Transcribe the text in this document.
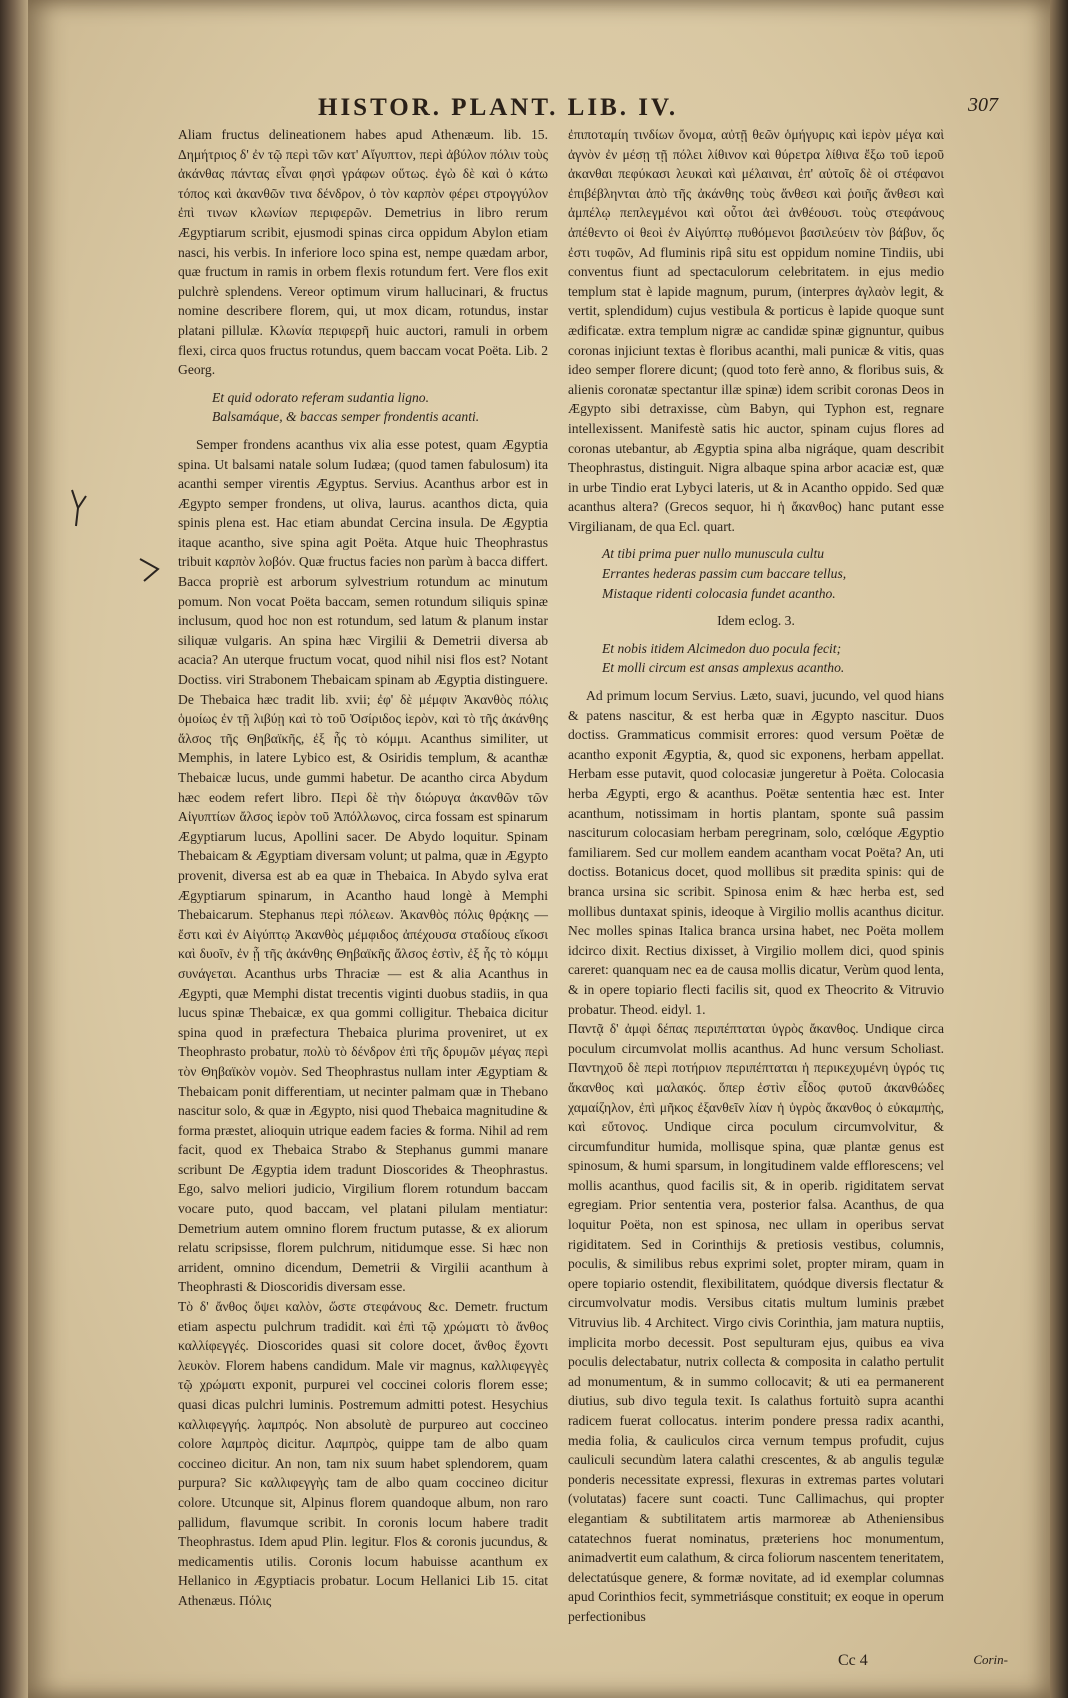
HISTOR. PLANT. LIB. IV.	307

Aliam fructus delineationem habes apud Athenæum. lib. 15. Δημήτριος δ' ἐν τῷ περὶ τῶν κατ' Αἴγυπτον, περὶ ἀβύλον πόλιν τοὺς ἀκάνθας πάντας εἶναι φησὶ γράφων οὕτως. ἐγὼ δὲ καὶ ὁ κάτω τόπος καὶ ἀκανθῶν τινα δένδρον, ὁ τὸν καρπὸν φέρει στρογγύλον ἐπὶ τινων κλωνίων περιφερῶν. Demetrius in libro rerum Ægyptiarum scribit, ejusmodi spinas circa oppidum Abylon etiam nasci, his verbis. In inferiore loco spina est, nempe quædam arbor, quæ fructum in ramis in orbem flexis rotundum fert. Vere flos exit pulchrè splendens. Vereor optimum virum hallucinari, & fructus nomine describere florem, qui, ut mox dicam, rotundus, instar platani pillulæ. Κλωνία περιφερῆ huic auctori, ramuli in orbem flexi, circa quos fructus rotundus, quem baccam vocat Poëta. Lib. 2 Georg.

Et quid odorato referam sudantia ligno.
Balsamáque, & baccas semper frondentis acanti.

Semper frondens acanthus vix alia esse potest, quam Ægyptia spina. Ut balsami natale solum Iudæa; (quod tamen fabulosum) ita acanthi semper virentis Ægyptus. Servius. Acanthus arbor est in Ægypto semper frondens, ut oliva, laurus. acanthos dicta, quia spinis plena est. Hac etiam abundat Cercina insula. De Ægyptia itaque acantho, sive spina agit Poëta. Atque huic Theophrastus tribuit καρπὸν λοβόν. Quæ fructus facies non parùm à bacca differt. Bacca propriè est arborum sylvestrium rotundum ac minutum pomum. Non vocat Poëta baccam, semen rotundum siliquis spinæ inclusum, quod hoc non est rotundum, sed latum & planum instar siliquæ vulgaris. An spina hæc Virgilii & Demetrii diversa ab acacia? An uterque fructum vocat, quod nihil nisi flos est? Notant Doctiss. viri Strabonem Thebaicam spinam ab Ægyptia distinguere. De Thebaica hæc tradit lib. xvii; ἐφ' δὲ μέμφιν Ἀκανθὸς πόλις ὁμοίως ἐν τῇ λιβύῃ καὶ τὸ τοῦ Ὀσίριδος ἱερὸν, καὶ τὸ τῆς ἀκάνθης ἄλσος τῆς Θηβαϊκῆς, ἐξ ἧς τὸ κόμμι. Acanthus similiter, ut Memphis, in latere Lybico est, & Osiridis templum, & acanthæ Thebaicæ lucus, unde gummi habetur. De acantho circa Abydum hæc eodem refert libro. Περὶ δὲ τὴν διώρυγα ἀκανθῶν τῶν Αἰγυπτίων ἄλσος ἱερὸν τοῦ Ἀπόλλωνος, circa fossam est spinarum Ægyptiarum lucus, Apollini sacer. De Abydo loquitur. Spinam Thebaicam & Ægyptiam diversam volunt; ut palma, quæ in Ægypto provenit, diversa est ab ea quæ in Thebaica. In Abydo sylva erat Ægyptiarum spinarum, in Acantho haud longè à Memphi Thebaicarum. Stephanus περὶ πόλεων. Ἀκανθὸς πόλις θρᾴκης — ἔστι καὶ ἐν Αἰγύπτῳ Ἀκανθὸς μέμφιδος ἀπέχουσα σταδίους εἴκοσι καὶ δυοῖν, ἐν ᾗ τῆς ἀκάνθης Θηβαϊκῆς ἄλσος ἐστὶν, ἐξ ἧς τὸ κόμμι συνάγεται. Acanthus urbs Thraciæ — est & alia Acanthus in Ægypti, quæ Memphi distat trecentis viginti duobus stadiis, in qua lucus spinæ Thebaicæ, ex qua gommi colligitur. Thebaica dicitur spina quod in præfectura Thebaica plurima proveniret, ut ex Theophrasto probatur, πολὺ τὸ δένδρον ἐπὶ τῆς δρυμῶν μέγας περὶ τὸν Θηβαϊκὸν νομὸν. Sed Theophrastus nullam inter Ægyptiam & Thebaicam ponit differentiam, ut necinter palmam quæ in Thebano nascitur solo, & quæ in Ægypto, nisi quod Thebaica magnitudine & forma præstet, alioquin utrique eadem facies & forma. Nihil ad rem facit, quod ex Thebaica Strabo & Stephanus gummi manare scribunt De Ægyptia idem tradunt Dioscorides & Theophrastus. Ego, salvo meliori judicio, Virgilium florem rotundum baccam vocare puto, quod baccam, vel platani pilulam mentiatur: Demetrium autem omnino florem fructum putasse, & ex aliorum relatu scripsisse, florem pulchrum, nitidumque esse. Si hæc non arrident, omnino dicendum, Demetrii & Virgilii acanthum à Theophrasti & Dioscoridis diversam esse.

Τὸ δ' ἄνθος ὄψει καλὸν, ὥστε στεφάνους &c. Demetr. fructum etiam aspectu pulchrum tradidit. καὶ ἐπὶ τῷ χρώματι τὸ ἄνθος καλλίφεγγές. Dioscorides quasi sit colore docet, ἄνθος ἔχοντι λευκὸν. Florem habens candidum. Male vir magnus, καλλιφεγγὲς τῷ χρώματι exponit, purpurei vel coccinei coloris florem esse; quasi dicas pulchri luminis. Postremum admitti potest. Hesychius καλλιφεγγής. λαμπρός. Non absolutè de purpureo aut coccineo colore λαμπρὸς dicitur. Λαμπρὸς, quippe tam de albo quam coccineo dicitur. An non, tam nix suum habet splendorem, quam purpura? Sic καλλιφεγγὴς tam de albo quam coccineo dicitur colore. Utcunque sit, Alpinus florem quandoque album, non raro pallidum, flavumque scribit. In coronis locum habere tradit Theophrastus. Idem apud Plin. legitur. Flos & coronis jucundus, & medicamentis utilis. Coronis locum habuisse acanthum ex Hellanico in Ægyptiacis probatur. Locum Hellanici Lib 15. citat Athenæus. Πόλις

ἐπιποταμίη τινδίων ὄνομα, αὐτῇ θεῶν ὁμήγυρις καὶ ἱερὸν μέγα καὶ ἀγνὸν ἐν μέσῃ τῇ πόλει λίθινον καὶ θύρετρα λίθινα ἔξω τοῦ ἱεροῦ ἀκανθαι πεφύκασι λευκαὶ καὶ μέλαιναι, ἐπ' αὐτοῖς δὲ οἱ στέφανοι ἐπιβέβληνται ἀπὸ τῆς ἀκάνθης τοὺς ἄνθεσι καὶ ῥοιῆς ἄνθεσι καὶ ἀμπέλῳ πεπλεγμένοι καὶ οὗτοι ἀεὶ ἀνθέουσι. τοὺς στεφάνους ἀπέθεντο οἱ θεοὶ ἐν Αἰγύπτῳ πυθόμενοι βασιλεύειν τὸν βάβυν, ὅς ἐστι τυφῶν, Ad fluminis ripâ situ est oppidum nomine Tindiis, ubi conventus fiunt ad spectaculorum celebritatem. in ejus medio templum stat è lapide magnum, purum, (interpres ἀγλαὸν legit, & vertit, splendidum) cujus vestibula & porticus è lapide quoque sunt ædificatæ. extra templum nigræ ac candidæ spinæ gignuntur, quibus coronas injiciunt textas è floribus acanthi, mali punicæ & vitis, quas ideo semper florere dicunt; (quod toto ferè anno, & floribus suis, & alienis coronatæ spectantur illæ spinæ) idem scribit coronas Deos in Ægypto sibi detraxisse, cùm Babyn, qui Typhon est, regnare intellexissent. Manifestè satis hic auctor, spinam cujus flores ad coronas utebantur, ab Ægyptia spina alba nigráque, quam describit Theophrastus, distinguit. Nigra albaque spina arbor acaciæ est, quæ in urbe Tindio erat Lybyci lateris, ut & in Acantho oppido. Sed quæ acanthus altera? (Grecos sequor, hi ἡ ἄκανθος) hanc putant esse Virgilianam, de qua Ecl. quart.

At tibi prima puer nullo munuscula cultu
Errantes hederas passim cum baccare tellus,
Mistaque ridenti colocasia fundet acantho.

Idem eclog. 3.

Et nobis itidem Alcimedon duo pocula fecit;
Et molli circum est ansas amplexus acantho.

Ad primum locum Servius. Læto, suavi, jucundo, vel quod hians & patens nascitur, & est herba quæ in Ægypto nascitur. Duos doctiss. Grammaticus commisit errores: quod versum Poëtæ de acantho exponit Ægyptia, &, quod sic exponens, herbam appellat. Herbam esse putavit, quod colocasiæ jungeretur à Poëta. Colocasia herba Ægypti, ergo & acanthus. Poëtæ sententia hæc est. Inter acanthum, notissimam in hortis plantam, sponte suâ passim nasciturum colocasiam herbam peregrinam, solo, cœlóque Ægyptio familiarem. Sed cur mollem eandem acantham vocat Poëta? An, uti doctiss. Botanicus docet, quod mollibus sit prædita spinis: qui de branca ursina sic scribit. Spinosa enim & hæc herba est, sed mollibus duntaxat spinis, ideoque à Virgilio mollis acanthus dicitur. Nec molles spinas Italica branca ursina habet, nec Poëta mollem idcirco dixit. Rectius dixisset, à Virgilio mollem dici, quod spinis careret: quanquam nec ea de causa mollis dicatur, Verùm quod lenta, & in opere topiario flecti facilis sit, quod ex Theocrito & Vitruvio probatur. Theod. eidyl. 1.

Παντᾷ δ' ἀμφὶ δέπας περιπέπταται ὑγρὸς ἄκανθος. Undique circa poculum circumvolat mollis acanthus. Ad hunc versum Scholiast. Παντηχοῦ δὲ περὶ ποτήριον περιπέπταται ἡ περικεχυμένη ὑγρός τις ἄκανθος καὶ μαλακός. ὅπερ ἐστὶν εἶδος φυτοῦ ἀκανθώδες χαμαίζηλον, ἐπὶ μῆκος ἐξανθεῖν λίαν ἡ ὑγρὸς ἄκανθος ὁ εὐκαμπὴς, καὶ εὔτονος. Undique circa poculum circumvolvitur, & circumfunditur humida, mollisque spina, quæ plantæ genus est spinosum, & humi sparsum, in longitudinem valde efflorescens; vel mollis acanthus, quod facilis sit, & in operib. rigiditatem servat egregiam. Prior sententia vera, posterior falsa. Acanthus, de qua loquitur Poëta, non est spinosa, nec ullam in operibus servat rigiditatem. Sed in Corinthijs & pretiosis vestibus, columnis, poculis, & similibus rebus exprimi solet, propter miram, quam in opere topiario ostendit, flexibilitatem, quódque diversis flectatur & circumvolvatur modis. Versibus citatis multum luminis præbet Vitruvius lib. 4 Architect. Virgo civis Corinthia, jam matura nuptiis, implicita morbo decessit. Post sepulturam ejus, quibus ea viva poculis delectabatur, nutrix collecta & composita in calatho pertulit ad monumentum, & in summo collocavit; & uti ea permanerent diutius, sub divo tegula texit. Is calathus fortuitò supra acanthi radicem fuerat collocatus. interim pondere pressa radix acanthi, media folia, & cauliculos circa vernum tempus profudit, cujus cauliculi secundùm latera calathi crescentes, & ab angulis tegulæ ponderis necessitate expressi, flexuras in extremas partes volutari (volutatas) facere sunt coacti. Tunc Callimachus, qui propter elegantiam & subtilitatem artis marmoreæ ab Atheniensibus catatechnos fuerat nominatus, præteriens hoc monumentum, animadvertit eum calathum, & circa foliorum nascentem teneritatem, delectatúsque genere, & formæ novitate, ad id exemplar columnas apud Corinthios fecit, symmetriásque constituit; ex eoque in operum perfectionibus

Cc 4	Corin-
